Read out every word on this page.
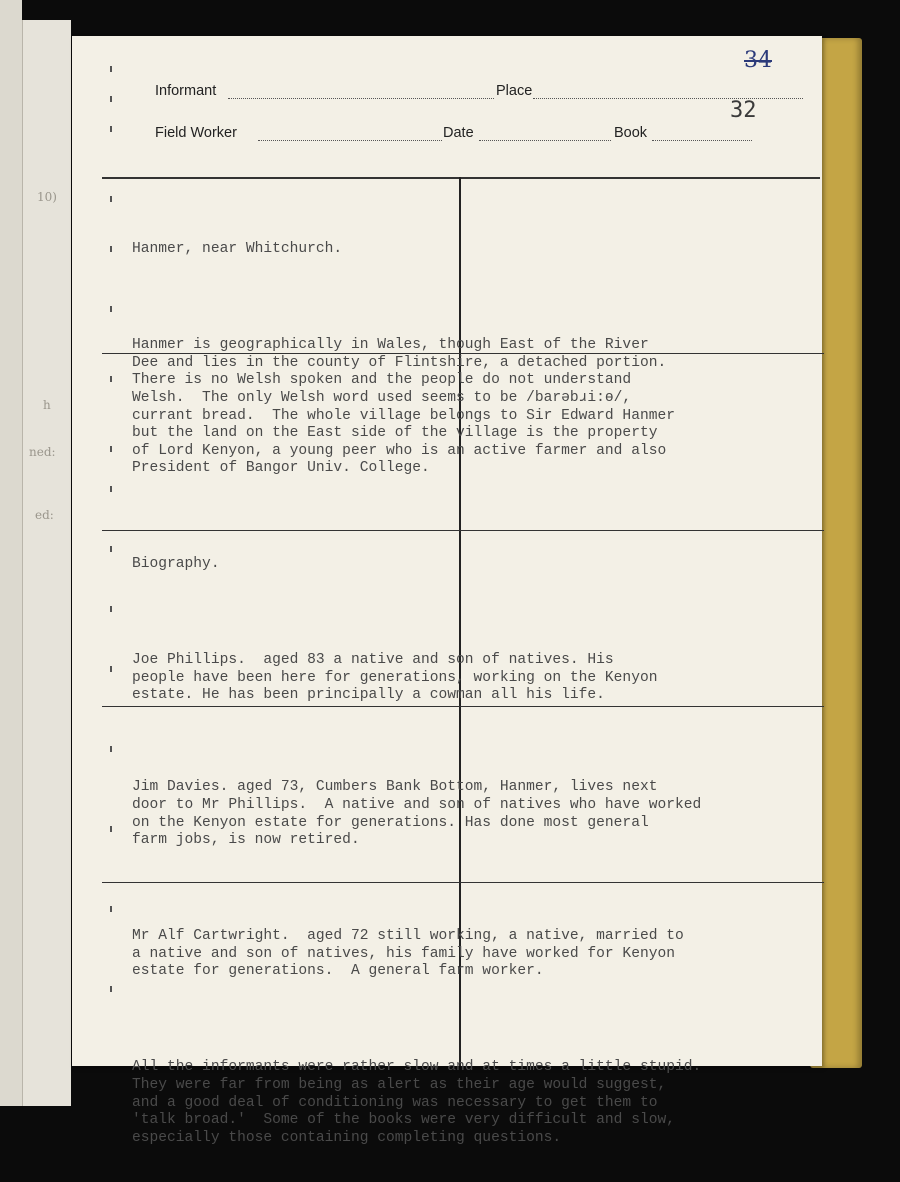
10)
h
ned:
ed:
Informant	Place
Field Worker	Date	Book
34
32

Hanmer, near Whitchurch.

Hanmer is geographically in Wales, though East of the River
Dee and lies in the county of Flintshire, a detached portion.
There is no Welsh spoken and the people do not understand
Welsh.  The only Welsh word used seems to be /barəbɹi:ɵ/,
currant bread.  The whole village belongs to Sir Edward Hanmer
but the land on the East side of the village is the property
of Lord Kenyon, a young peer who is an active farmer and also
President of Bangor Univ. College.

Biography.

Joe Phillips.  aged 83 a native and son of natives. His
people have been here for generations, working on the Kenyon
estate. He has been principally a cowman all his life.

Jim Davies. aged 73, Cumbers Bank Bottom, Hanmer, lives next
door to Mr Phillips.  A native and son of natives who have worked
on the Kenyon estate for generations. Has done most general
farm jobs, is now retired.

Mr Alf Cartwright.  aged 72 still working, a native, married to
a native and son of natives, his family have worked for Kenyon
estate for generations.  A general farm worker.

All the informants were rather slow and at times a little stupid.
They were far from being as alert as their age would suggest,
and a good deal of conditioning was necessary to get them to
'talk broad.'  Some of the books were very difficult and slow,
especially those containing completing questions.
